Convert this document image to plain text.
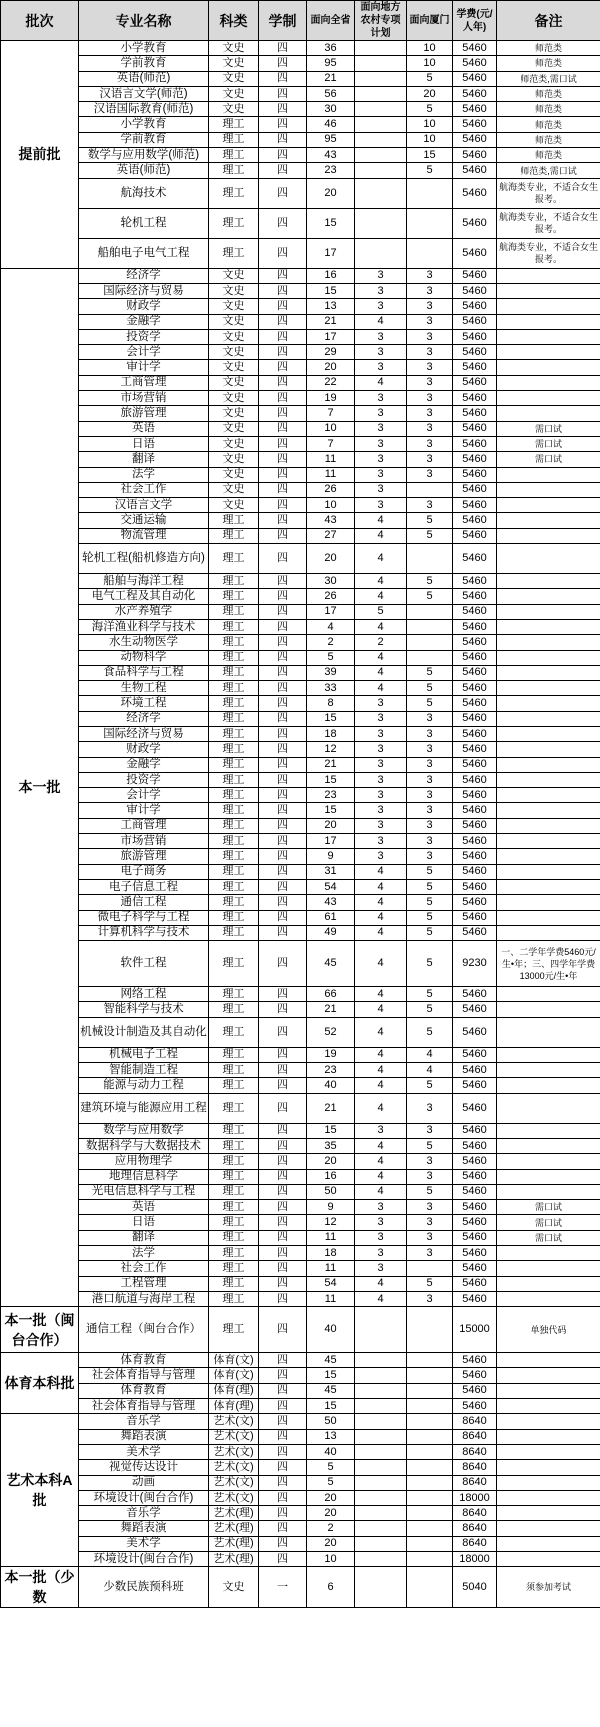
批次	专业名称	科类	学制	面向全省	面向地方农村专项计划	面向厦门	学费(元/人年)	备注
提前批	小学教育	文史	四	36		10	5460	师范类
	学前教育	文史	四	95		10	5460	师范类
	英语(师范)	文史	四	21		5	5460	师范类,需口试
	汉语言文学(师范)	文史	四	56		20	5460	师范类
	汉语国际教育(师范)	文史	四	30		5	5460	师范类
	小学教育	理工	四	46		10	5460	师范类
	学前教育	理工	四	95		10	5460	师范类
	数学与应用数学(师范)	理工	四	43		15	5460	师范类
	英语(师范)	理工	四	23		5	5460	师范类,需口试
	航海技术	理工	四	20			5460	航海类专业，不适合女生报考。
	轮机工程	理工	四	15			5460	航海类专业，不适合女生报考。
	船舶电子电气工程	理工	四	17			5460	航海类专业，不适合女生报考。
本一批	经济学	文史	四	16	3	3	5460	
	国际经济与贸易	文史	四	15	3	3	5460	
	财政学	文史	四	13	3	3	5460	
	金融学	文史	四	21	4	3	5460	
	投资学	文史	四	17	3	3	5460	
	会计学	文史	四	29	3	3	5460	
	审计学	文史	四	20	3	3	5460	
	工商管理	文史	四	22	4	3	5460	
	市场营销	文史	四	19	3	3	5460	
	旅游管理	文史	四	7	3	3	5460	
	英语	文史	四	10	3	3	5460	需口试
	日语	文史	四	7	3	3	5460	需口试
	翻译	文史	四	11	3	3	5460	需口试
	法学	文史	四	11	3	3	5460	
	社会工作	文史	四	26	3		5460	
	汉语言文学	文史	四	10	3	3	5460	
	交通运输	理工	四	43	4	5	5460	
	物流管理	理工	四	27	4	5	5460	
	轮机工程(船机修造方向)	理工	四	20	4		5460	
	船舶与海洋工程	理工	四	30	4	5	5460	
	电气工程及其自动化	理工	四	26	4	5	5460	
	水产养殖学	理工	四	17	5		5460	
	海洋渔业科学与技术	理工	四	4	4		5460	
	水生动物医学	理工	四	2	2		5460	
	动物科学	理工	四	5	4		5460	
	食品科学与工程	理工	四	39	4	5	5460	
	生物工程	理工	四	33	4	5	5460	
	环境工程	理工	四	8	3	5	5460	
	经济学	理工	四	15	3	3	5460	
	国际经济与贸易	理工	四	18	3	3	5460	
	财政学	理工	四	12	3	3	5460	
	金融学	理工	四	21	3	3	5460	
	投资学	理工	四	15	3	3	5460	
	会计学	理工	四	23	3	3	5460	
	审计学	理工	四	15	3	3	5460	
	工商管理	理工	四	20	3	3	5460	
	市场营销	理工	四	17	3	3	5460	
	旅游管理	理工	四	9	3	3	5460	
	电子商务	理工	四	31	4	5	5460	
	电子信息工程	理工	四	54	4	5	5460	
	通信工程	理工	四	43	4	5	5460	
	微电子科学与工程	理工	四	61	4	5	5460	
	计算机科学与技术	理工	四	49	4	5	5460	
	软件工程	理工	四	45	4	5	9230	一、二学年学费5460元/生•年；三、四学年学费13000元/生•年
	网络工程	理工	四	66	4	5	5460	
	智能科学与技术	理工	四	21	4	5	5460	
	机械设计制造及其自动化	理工	四	52	4	5	5460	
	机械电子工程	理工	四	19	4	4	5460	
	智能制造工程	理工	四	23	4	4	5460	
	能源与动力工程	理工	四	40	4	5	5460	
	建筑环境与能源应用工程	理工	四	21	4	3	5460	
	数学与应用数学	理工	四	15	3	3	5460	
	数据科学与大数据技术	理工	四	35	4	5	5460	
	应用物理学	理工	四	20	4	3	5460	
	地理信息科学	理工	四	16	4	3	5460	
	光电信息科学与工程	理工	四	50	4	5	5460	
	英语	理工	四	9	3	3	5460	需口试
	日语	理工	四	12	3	3	5460	需口试
	翻译	理工	四	11	3	3	5460	需口试
	法学	理工	四	18	3	3	5460	
	社会工作	理工	四	11	3		5460	
	工程管理	理工	四	54	4	5	5460	
	港口航道与海岸工程	理工	四	11	4	3	5460	
本一批（闽台合作）	通信工程（闽台合作）	理工	四	40			15000	单独代码
体育本科批	体育教育	体育(文)	四	45			5460	
	社会体育指导与管理	体育(文)	四	15			5460	
	体育教育	体育(理)	四	45			5460	
	社会体育指导与管理	体育(理)	四	15			5460	
艺术本科A批	音乐学	艺术(文)	四	50			8640	
	舞蹈表演	艺术(文)	四	13			8640	
	美术学	艺术(文)	四	40			8640	
	视觉传达设计	艺术(文)	四	5			8640	
	动画	艺术(文)	四	5			8640	
	环境设计(闽台合作)	艺术(文)	四	20			18000	
	音乐学	艺术(理)	四	20			8640	
	舞蹈表演	艺术(理)	四	2			8640	
	美术学	艺术(理)	四	20			8640	
	环境设计(闽台合作)	艺术(理)	四	10			18000	
本一批（少数	少数民族预科班	文史	一	6			5040	须参加考试
